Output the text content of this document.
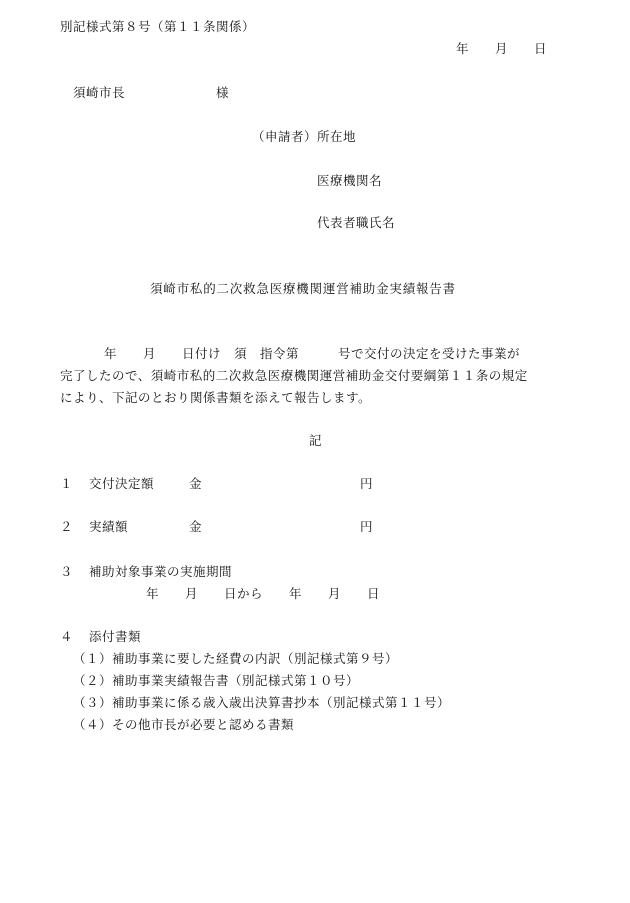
別記様式第８号（第１１条関係）
年　　月　　日
須崎市長　　　　　　　様
（申請者）所在地
医療機関名
代表者職氏名
須崎市私的二次救急医療機関運営補助金実績報告書
年　　月　　日付け　須　指令第　　　号で交付の決定を受けた事業が
完了したので、須崎市私的二次救急医療機関運営補助金交付要綱第１１条の規定
により、下記のとおり関係書類を添えて報告します。
記
１ 交付決定額	金	円
２ 実績額	金	円
３ 補助対象事業の実施期間
年　　月　　日から　　年　　月　　日
４ 添付書類
（１）補助事業に要した経費の内訳（別記様式第９号）
（２）補助事業実績報告書（別記様式第１０号）
（３）補助事業に係る歳入歳出決算書抄本（別記様式第１１号）
（４）その他市長が必要と認める書類
